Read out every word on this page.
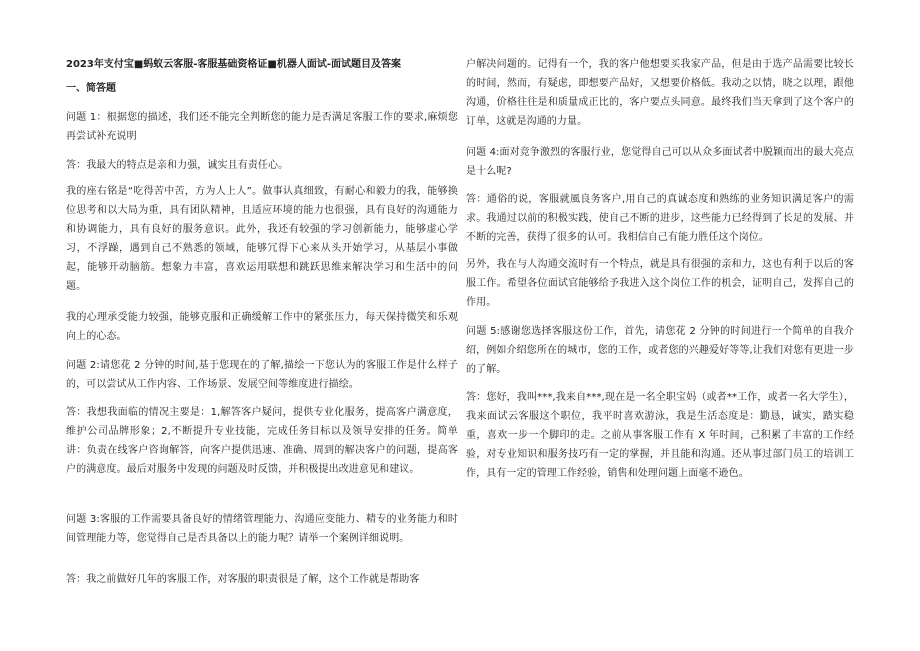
2023年支付宝■蚂蚁云客服-客服基础资格证■机器人面试-面试题目及答案
一、简答题
问题 1：根据您的描述，我们还不能完全判断您的能力是否满足客服工作的要求,麻烦您再尝试补充说明
答：我最大的特点是亲和力强，诚实且有责任心。
我的座右铭是“吃得苦中苦，方为人上人”。做事认真细致，有耐心和毅力的我，能够换位思考和以大局为重，具有团队精神，且适应环境的能力也很强，具有良好的沟通能力和协调能力，具有良好的服务意识。此外，我还有较强的学习创新能力，能够虚心学习，不浮躁，遇到自己不熟悉的领域，能够冗得下心来从头开始学习，从基层小事做起，能够开动脑筋。想象力丰富，喜欢运用联想和跳跃思维来解决学习和生活中的问题。
我的心理承受能力较强，能够克服和正确缓解工作中的紧张压力，每天保持微笑和乐观向上的心态。
问题 2:请您花 2 分钟的时间,基于您现在的了解,描绘一下您认为的客服工作是什么样子的，可以尝试从工作内容、工作场景、发展空间等维度进行描绘。
答：我想我面临的情况主要是：1,解答客户疑问，提供专业化服务，提高客户满意度，维护公司品牌形象；2,不断提升专业技能，完成任务目标以及领导安排的任务。简单讲：负责在线客户咨询解答，向客户提供迅速、准确、周到的解决客户的问题，提高客户的满意度。最后对服务中发现的问题及时反馈，并积极提出改进意见和建议。
问题 3:客服的工作需要具备良好的情绪管理能力、沟通应变能力、精专的业务能力和时间管理能力等，您觉得自己是否具备以上的能力呢？请举一个案例详细说明。
答：我之前做好几年的客服工作，对客服的职责很是了解，这个工作就是帮助客
户解决问题的。记得有一个，我的客户他想要买我家产品，但是由于选产品需要比较长的时间，然而，有疑虑，即想要产品好，又想要价格低。我动之以情，晓之以理，跟他沟通，价格往往是和质量成正比的，客户要点头同意。最终我们当天拿到了这个客户的订单，这就是沟通的力量。
问题 4:面对竞争激烈的客服行业，您觉得自己可以从众多面试者中脱颖而出的最大亮点是十么呢?
答：通俗的说，客服就風良务客户,用自己的真诚态度和熟练的业务知识满足客户的需求。我通过以前的积极实践，使自己不断的进步，这些能力已经得到了长足的发展、并不断的完善，获得了很多的认可。我相信自己有能力胜任这个岗位。
另外，我在与人沟通交流时有一个特点，就是具有很强的亲和力，这也有利于以后的客服工作。希望各位面试官能够给予我进入这个岗位工作的机会，证明自己，发挥自己的作用。
问题 5:感谢您选择客服这份工作，首先，请您花 2 分钟的时间进行一个简单的自我介绍，例如介绍您所在的城市，您的工作，或者您的兴趣爱好等等,让我们对您有更进一步的了解。
答：您好，我叫***,我来自***,现在是一名全职宝妈（或者**工作，或者一名大学生），我来面试云客服这个职位，我平时喜欢游泳，我是生活态度是：勤恳，诚实，踏实稳重，喜欢一步一个脚印的走。之前从事客服工作有 X 年时间，己积累了丰富的工作经验，对专业知识和服务技巧有一定的掌握，并且能和沟通。还从事过部门员工的培训工作，具有一定的管理工作经验，销售和处理问题上面毫不逊色。
